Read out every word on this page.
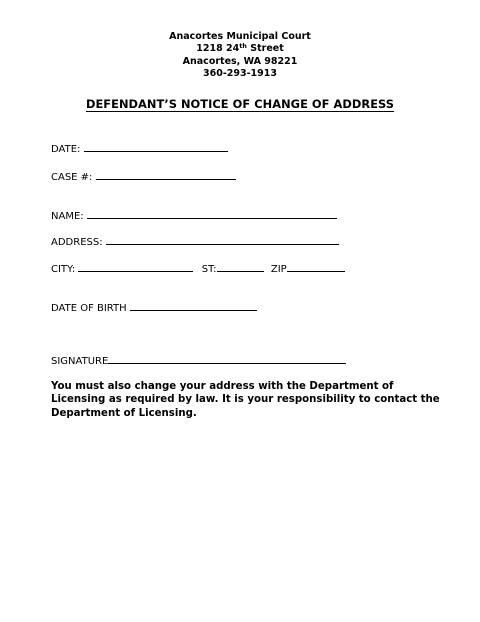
Anacortes Municipal Court
1218 24th Street
Anacortes, WA 98221
360-293-1913
DEFENDANT’S NOTICE OF CHANGE OF ADDRESS
DATE:
CASE #:
NAME:
ADDRESS:
CITY:	ST:	ZIP
DATE OF BIRTH
SIGNATURE
You must also change your address with the Department of Licensing as required by law. It is your responsibility to contact the Department of Licensing.
